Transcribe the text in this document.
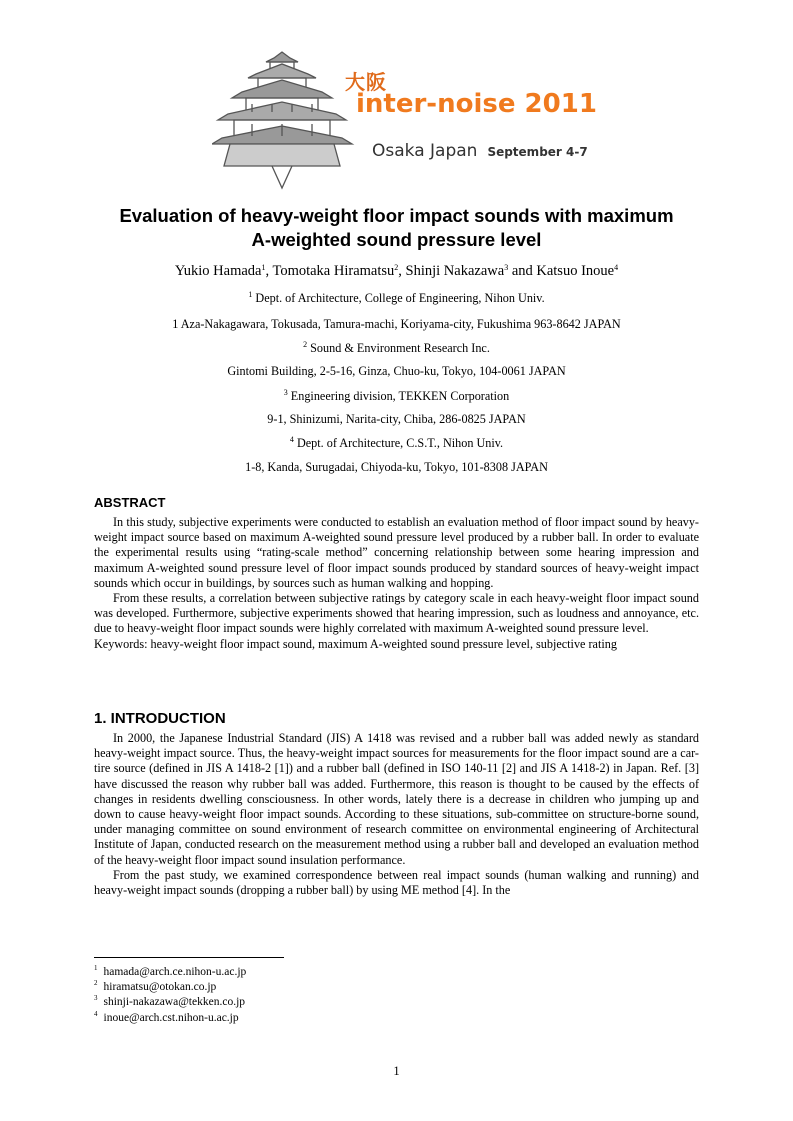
大阪
inter-noise 2011
Osaka Japan September 4-7
Evaluation of heavy-weight floor impact sounds with maximum
A-weighted sound pressure level
Yukio Hamada$^1$, Tomotaka Hiramatsu$^2$, Shinji Nakazawa$^3$ and Katsuo Inoue$^4$
$^1$ Dept. of Architecture, College of Engineering, Nihon Univ.
1 Aza-Nakagawara, Tokusada, Tamura-machi, Koriyama-city, Fukushima 963-8642 JAPAN
$^2$ Sound & Environment Research Inc.
Gintomi Building, 2-5-16, Ginza, Chuo-ku, Tokyo, 104-0061 JAPAN
$^3$ Engineering division, TEKKEN Corporation
9-1, Shinizumi, Narita-city, Chiba, 286-0825 JAPAN
$^4$ Dept. of Architecture, C.S.T., Nihon Univ.
1-8, Kanda, Surugadai, Chiyoda-ku, Tokyo, 101-8308 JAPAN
ABSTRACT

In this study, subjective experiments were conducted to establish an evaluation method of floor impact sound by heavy-weight impact source based on maximum A-weighted sound pressure level produced by a rubber ball. In order to evaluate the experimental results using “rating-scale method” concerning relationship between some hearing impression and maximum A-weighted sound pressure level of floor impact sounds produced by standard sources of heavy-weight impact sounds which occur in buildings, by sources such as human walking and hopping.

From these results, a correlation between subjective ratings by category scale in each heavy-weight floor impact sound was developed. Furthermore, subjective experiments showed that hearing impression, such as loudness and annoyance, etc. due to heavy-weight floor impact sounds were highly correlated with maximum A-weighted sound pressure level.

Keywords: heavy-weight floor impact sound, maximum A-weighted sound pressure level, subjective rating

1. INTRODUCTION

In 2000, the Japanese Industrial Standard (JIS) A 1418 was revised and a rubber ball was added newly as standard heavy-weight impact source. Thus, the heavy-weight impact sources for measurements for the floor impact sound are a car-tire source (defined in JIS A 1418-2 [1]) and a rubber ball (defined in ISO 140-11 [2] and JIS A 1418-2) in Japan. Ref. [3] have discussed the reason why rubber ball was added. Furthermore, this reason is thought to be caused by the effects of changes in residents dwelling consciousness. In other words, lately there is a decrease in children who jumping up and down to cause heavy-weight floor impact sounds. According to these situations, sub-committee on structure-borne sound, under managing committee on sound environment of research committee on environmental engineering of Architectural Institute of Japan, conducted research on the measurement method using a rubber ball and developed an evaluation method of the heavy-weight floor impact sound insulation performance.

From the past study, we examined correspondence between real impact sounds (human walking and running) and heavy-weight impact sounds (dropping a rubber ball) by using ME method [4]. In the

$^1$ hamada@arch.ce.nihon-u.ac.jp
$^2$ hiramatsu@otokan.co.jp
$^3$ shinji-nakazawa@tekken.co.jp
$^4$ inoue@arch.cst.nihon-u.ac.jp
1
